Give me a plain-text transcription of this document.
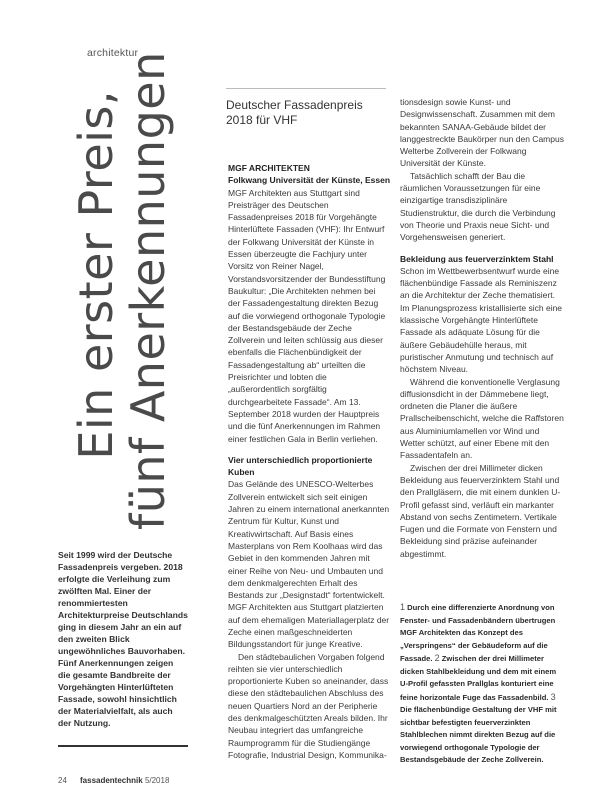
architektur
Ein erster Preis,
fünf Anerkennungen
Seit 1999 wird der Deutsche Fassadenpreis vergeben. 2018 erfolgte die Verleihung zum zwölften Mal. Einer der renommiertesten Architekturpreise Deutschlands ging in diesem Jahr an ein auf den zweiten Blick ungewöhnliches Bauvorhaben. Fünf Anerkennungen zeigen die gesamte Bandbreite der Vorgehängten Hinterlüfteten Fassade, sowohl hinsichtlich der Materialvielfalt, als auch der Nutzung.
Deutscher Fassadenpreis 2018 für VHF
MGF ARCHITEKTEN
Folkwang Universität der Künste, Essen

MGF Architekten aus Stuttgart sind Preisträger des Deutschen Fassadenpreises 2018 für Vorgehängte Hinterlüftete Fassaden (VHF): Ihr Entwurf der Folkwang Universität der Künste in Essen überzeugte die Fachjury unter Vorsitz von Reiner Nagel, Vorstandsvorsitzender der Bundesstiftung Baukultur: „Die Architekten nehmen bei der Fassadengestaltung direkten Bezug auf die vorwiegend orthogonale Typologie der Bestandsgebäude der Zeche Zollverein und leiten schlüssig aus dieser ebenfalls die Flächenbündigkeit der Fassadengestaltung ab“ urteilten die Preisrichter und lobten die „außerordentlich sorgfältig durchgearbeitete Fassade“. Am 13. September 2018 wurden der Hauptpreis und die fünf Anerkennungen im Rahmen einer festlichen Gala in Berlin verliehen.

Vier unterschiedlich proportionierte Kuben

Das Gelände des UNESCO-Welterbes Zollverein entwickelt sich seit einigen Jahren zu einem international anerkannten Zentrum für Kultur, Kunst und Kreativwirtschaft. Auf Basis eines Masterplans von Rem Koolhaas wird das Gebiet in den kommenden Jahren mit einer Reihe von Neu- und Umbauten und dem denkmalgerechten Erhalt des Bestands zur „Designstadt“ fortentwickelt. MGF Architekten aus Stuttgart platzierten auf dem ehemaligen Materiallagerplatz der Zeche einen maßgeschneiderten Bildungsstandort für junge Kreative.

Den städtebaulichen Vorgaben folgend reihten sie vier unterschiedlich proportionierte Kuben so aneinander, dass diese den städtebaulichen Abschluss des neuen Quartiers Nord an der Peripherie des denkmalgeschützten Areals bilden. Ihr Neubau integriert das umfangreiche Raumprogramm für die Studiengänge Fotografie, Industrial Design, Kommunika-

tionsdesign sowie Kunst- und Designwissenschaft. Zusammen mit dem bekannten SANAA-Gebäude bildet der langgestreckte Baukörper nun den Campus Welterbe Zollverein der Folkwang Universität der Künste.

Tatsächlich schafft der Bau die räumlichen Voraussetzungen für eine einzigartige transdisziplinäre Studienstruktur, die durch die Verbindung von Theorie und Praxis neue Sicht- und Vorgehensweisen generiert.

Bekleidung aus feuerverzinktem Stahl

Schon im Wettbewerbsentwurf wurde eine flächenbündige Fassade als Reminiszenz an die Architektur der Zeche thematisiert. Im Planungsprozess kristallisierte sich eine klassische Vorgehängte Hinterlüftete Fassade als adäquate Lösung für die äußere Gebäudehülle heraus, mit puristischer Anmutung und technisch auf höchstem Niveau.

Während die konventionelle Verglasung diffusionsdicht in der Dämmebene liegt, ordneten die Planer die äußere Prallscheibenschicht, welche die Raffstoren aus Aluminiumlamellen vor Wind und Wetter schützt, auf einer Ebene mit den Fassadentafeln an.

Zwischen der drei Millimeter dicken Bekleidung aus feuerverzinktem Stahl und den Prallgläsern, die mit einem dunklen U-Profil gefasst sind, verläuft ein markanter Abstand von sechs Zentimetern. Vertikale Fugen und die Formate von Fenstern und Bekleidung sind präzise aufeinander abgestimmt.

1 Durch eine differenzierte Anordnung von Fenster- und Fassadenbändern übertrugen MGF Architekten das Konzept des „Verspringens“ der Gebäudeform auf die Fassade. 2 Zwischen der drei Millimeter dicken Stahlbekleidung und dem mit einem U-Profil gefassten Prallglas konturiert eine feine horizontale Fuge das Fassadenbild. 3 Die flächenbündige Gestaltung der VHF mit sichtbar befestigten feuerverzinkten Stahlblechen nimmt direkten Bezug auf die vorwiegend orthogonale Typologie der Bestandsgebäude der Zeche Zollverein.
24 fassadentechnik 5/2018
